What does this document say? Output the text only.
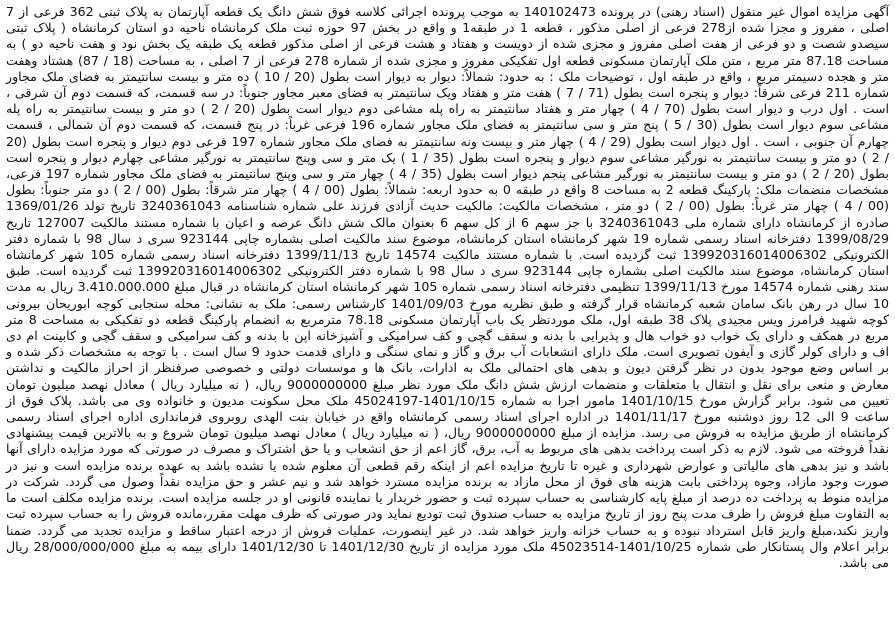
آگهی مزایده اموال غیر منقول (اسناد رهنی) در پرونده 140102473 به موجب پرونده اجرائی کلاسه فوق شش دانگ یک قطعه آپارتمان به پلاک ثبتی 362 فرعی از 7 اصلی ، مفروز و مجزا شده از278 فرعی از اصلی مذکور ، قطعه 1 در طبقه1 و واقع در بخش 97 حوزه ثبت ملک کرمانشاه ناحیه دو استان کرمانشاه ( پلاک ثبتی سیصدو شصت و دو فرعی از هفت اصلی مفروز و مجزی شده از دویست و هفتاد و هشت فرعی از اصلی مذکور قطعه یک طبقه یک بخش نود و هفت ناحیه دو ) به مساحت 87.18 متر مربع ، متن ملک آپارتمان مسکونی قطعه اول تفکیکی مفروز و مجزی شده از شماره 278 فرعی از 7 اصلی ، به مساحت (18 / 87) هشتاد وهفت متر و هجده دسیمتر مربع ، واقع در طبقه اول ، توضیحات ملک : به حدود: شمالاً: دیوار به دیوار است بطول (20 / 10 ) ده متر و بیست سانتیمتر به فضای ملک مجاور شماره 211 فرعی شرقاً: دیوار و پنجره است بطول (71 / 7 ) هفت متر و هفتاد ویک سانتیمتر به فضای معبر مجاور جنوباً: در سه قسمت، که قسمت دوم آن شرقی ، است . اول درب و دیوار است بطول (70 / 4 ) چهار متر و هفتاد سانتیمتر به راه پله مشاعی دوم دیوار است بطول (20 / 2 ) دو متر و بیست سانتیمتر به راه پله مشاعی سوم دیوار است بطول (30 / 5 ) پنج متر و سی سانتیمتر به فضای ملک مجاور شماره 196 فرعی غرباً: در پنج قسمت، که قسمت دوم آن شمالی ، قسمت چهارم آن جنوبی ، است . اول دیوار است بطول (29 / 4 ) چهار متر و بیست ونه سانتیمتر به فضای ملک مجاور شماره 197 فرعی دوم دیوار و پنجره است بطول (20 / 2 ) دو متر و بیست سانتیمتر به نورگیر مشاعی سوم دیوار و پنجره است بطول (35 / 1 ) یک متر و سی وپنج سانتیمتر به نورگیر مشاعی چهارم دیوار و پنجره است بطول (20 / 2 ) دو متر و بیست سانتیمتر به نورگیر مشاعی پنجم دیوار است بطول (35 / 4 ) چهار متر و سی وپنج سانتیمتر به فضای ملک مجاور شماره 197 فرعی، مشخصات منضمات ملک: پارکینگ قطعه 2 به مساحت 8 واقع در طبقه 0 به حدود اربعه: شمالاً: بطول (00 / 4 ) چهار متر شرقاً: بطول (00 / 2 ) دو متر جنوباً: بطول (00 / 4 ) چهار متر غرباً: بطول (00 / 2 ) دو متر ، مشخصات مالکیت: مالکیت حدیث آزادی فرزند علی شماره شناسنامه 3240361043 تاریخ تولد 1369/01/26 صادره از کرمانشاه دارای شماره ملی 3240361043 با جز سهم 6 از کل سهم 6 بعنوان مالک شش دانگ عرصه و اعیان با شماره مستند مالکیت 127007 تاریخ 1399/08/29 دفترخانه اسناد رسمی شماره 19 شهر کرمانشاه استان کرمانشاه، موضوع سند مالکیت اصلی بشماره چاپی 923144 سری د سال 98 با شماره دفتر الکترونیکی 139920316014006302 ثبت گردیده است. با شماره مستند مالکیت 14574 تاریخ 1399/11/13 دفترخانه اسناد رسمی شماره 105 شهر کرمانشاه استان کرمانشاه، موضوع سند مالکیت اصلی بشماره چاپی 923144 سری د سال 98 با شماره دفتر الکترونیکی 139920316014006302 ثبت گردیده است. طبق سند رهنی شماره 14574 مورخ 1399/11/13 تنظیمی دفترخانه اسناد رسمی شماره 105 شهر کرمانشاه استان کرمانشاه در قبال مبلغ 3.410.000.000 ریال به مدت 10 سال در رهن بانک سامان شعبه کرمانشاه قرار گرفته و طبق نظریه مورخ 1401/09/03 کارشناس رسمی: ملک به نشانی: محله سنجابی کوچه ابوریحان بیرونی کوچه شهید فرامرز ویس مجیدی پلاک 38 طبقه اول، ملک موردنظر یک باب آپارتمان مسکونی 78.18 مترمربع به انضمام پارکینگ قطعه دو تفکیکی به مساحت 8 متر مربع در همکف و دارای یک خواب دو خواب هال و پذیرایی با بدنه و سقف گچی و کف سرامیکی و آشپزخانه اپن با بدنه و کف سرامیکی و سقف گچی و کابینت ام دی اف و دارای کولر گازی و آیفون تصویری است. ملک دارای انشعابات آب برق و گاز و نمای سنگی و دارای قدمت حدود 9 سال است . با توجه به مشخصات ذکر شده و بر اساس وضع موجود بدون در نظر گرفتن دیون و بدهی های احتمالی ملک به ادارات، بانک ها و موسسات دولتی و خصوصی صرفنظر از احراز مالکیت و نداشتن معارض و منعی برای نقل و انتقال با متعلقات و منضمات ارزش شش دانگ ملک مورد نظر مبلغ 9000000000 ریال، ( نه میلیارد ریال ) معادل نهصد میلیون تومان تعیین می شود. برابر گزارش مورخ 1401/10/15 مامور اجرا به شماره 1401/10/15-45024197 ملک محل سکونت مدیون و خانواده وی می باشد. پلاک فوق از ساعت 9 الی 12 روز دوشنبه مورخ 1401/11/17 در اداره اجرای اسناد رسمی کرمانشاه واقع در خیابان بنت الهدی روبروی فرمانداری اداره اجرای اسناد رسمی کرمانشاه از طریق مزایده به فروش می رسد. مزایده از مبلغ 9000000000 ریال، ( نه میلیارد ریال ) معادل نهصد میلیون تومان شروع و به بالاترین قیمت پیشنهادی نقداً فروخته می شود. لازم به ذکر است پرداخت بدهی های مربوط به آب، برق، گاز اعم از حق انشعاب و یا حق اشتراک و مصرف در صورتی که مورد مزایده دارای آنها باشد و نیز بدهی های مالیاتی و عوارض شهرداری و غیره تا تاریخ مزایده اعم از اینکه رقم قطعی آن معلوم شده یا نشده باشد به عهده برنده مزایده است و نیز در صورت وجود مازاد، وجوه پرداختی بابت هزینه های فوق از محل مازاد به برنده مزایده مسترد خواهد شد و نیم عشر و حق مزایده نقداً وصول می گردد. شرکت در مزایده منوط به پرداخت ده درصد از مبلغ پایه کارشناسی به حساب سپرده ثبت و حضور خریدار یا نماینده قانونی او در جلسه مزایده است. برنده مزایده مکلف است ما به التفاوت مبلغ فروش را ظرف مدت پنج روز از تاریخ مزایده به حساب صندوق ثبت تودیع نماید ودر صورتی که ظرف مهلت مقرر،مانده فروش را به حساب سپرده ثبت واریز نکند،مبلغ واریز قابل استرداد نبوده و به حساب خزانه واریز خواهد شد. در غیر اینصورت، عملیات فروش از درجه اعتبار ساقط و مزایده تجدید می گردد. ضمنا برابر اعلام وال پستانکار طی شماره 1401/10/25-45023514 ملک مورد مزایده از تاریخ 1401/12/30 تا 1401/12/30 دارای بیمه به مبلغ 28/000/000/000 ریال می باشد.
